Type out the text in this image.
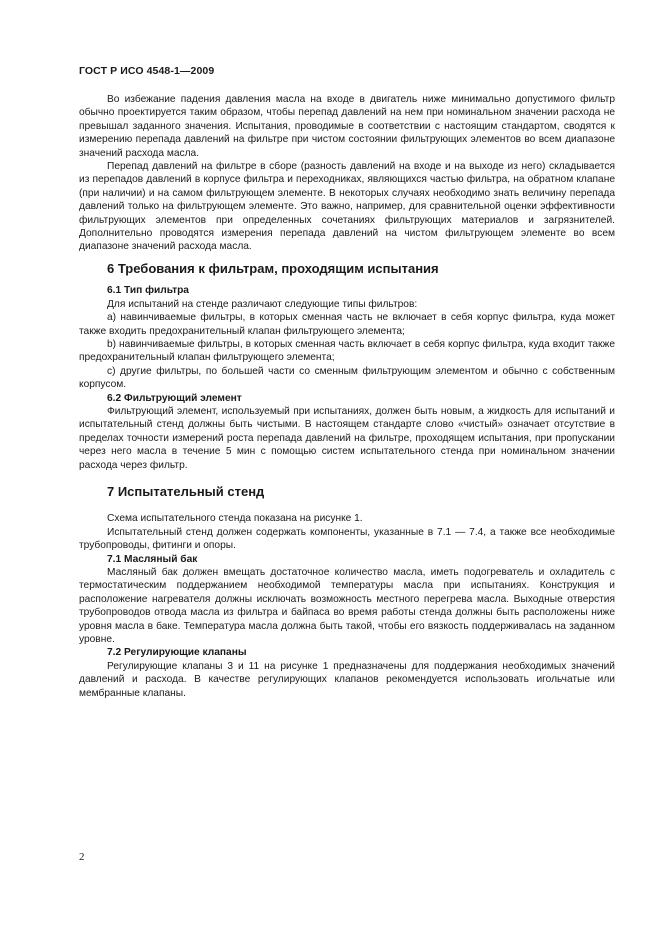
ГОСТ Р ИСО 4548-1—2009

Во избежание падения давления масла на входе в двигатель ниже минимально допустимого фильтр обычно проектируется таким образом, чтобы перепад давлений на нем при номинальном значении расхода не превышал заданного значения. Испытания, проводимые в соответствии с настоящим стандартом, сводятся к измерению перепада давлений на фильтре при чистом состоянии фильтрующих элементов во всем диапазоне значений расхода масла.

Перепад давлений на фильтре в сборе (разность давлений на входе и на выходе из него) складывается из перепадов давлений в корпусе фильтра и переходниках, являющихся частью фильтра, на обратном клапане (при наличии) и на самом фильтрующем элементе. В некоторых случаях необходимо знать величину перепада давлений только на фильтрующем элементе. Это важно, например, для сравнительной оценки эффективности фильтрующих элементов при определенных сочетаниях фильтрующих материалов и загрязнителей. Дополнительно проводятся измерения перепада давлений на чистом фильтрующем элементе во всем диапазоне значений расхода масла.

6 Требования к фильтрам, проходящим испытания

6.1 Тип фильтра

Для испытаний на стенде различают следующие типы фильтров:

a) навинчиваемые фильтры, в которых сменная часть не включает в себя корпус фильтра, куда может также входить предохранительный клапан фильтрующего элемента;

b) навинчиваемые фильтры, в которых сменная часть включает в себя корпус фильтра, куда входит также предохранительный клапан фильтрующего элемента;

c) другие фильтры, по большей части со сменным фильтрующим элементом и обычно с собственным корпусом.

6.2 Фильтрующий элемент

Фильтрующий элемент, используемый при испытаниях, должен быть новым, а жидкость для испытаний и испытательный стенд должны быть чистыми. В настоящем стандарте слово «чистый» означает отсутствие в пределах точности измерений роста перепада давлений на фильтре, проходящем испытания, при пропускании через него масла в течение 5 мин с помощью систем испытательного стенда при номинальном значении расхода через фильтр.

7 Испытательный стенд

Схема испытательного стенда показана на рисунке 1.

Испытательный стенд должен содержать компоненты, указанные в 7.1 — 7.4, а также все необходимые трубопроводы, фитинги и опоры.

7.1 Масляный бак

Масляный бак должен вмещать достаточное количество масла, иметь подогреватель и охладитель с термостатическим поддержанием необходимой температуры масла при испытаниях. Конструкция и расположение нагревателя должны исключать возможность местного перегрева масла. Выходные отверстия трубопроводов отвода масла из фильтра и байпаса во время работы стенда должны быть расположены ниже уровня масла в баке. Температура масла должна быть такой, чтобы его вязкость поддерживалась на заданном уровне.

7.2 Регулирующие клапаны

Регулирующие клапаны 3 и 11 на рисунке 1 предназначены для поддержания необходимых значений давлений и расхода. В качестве регулирующих клапанов рекомендуется использовать игольчатые или мембранные клапаны.

2
